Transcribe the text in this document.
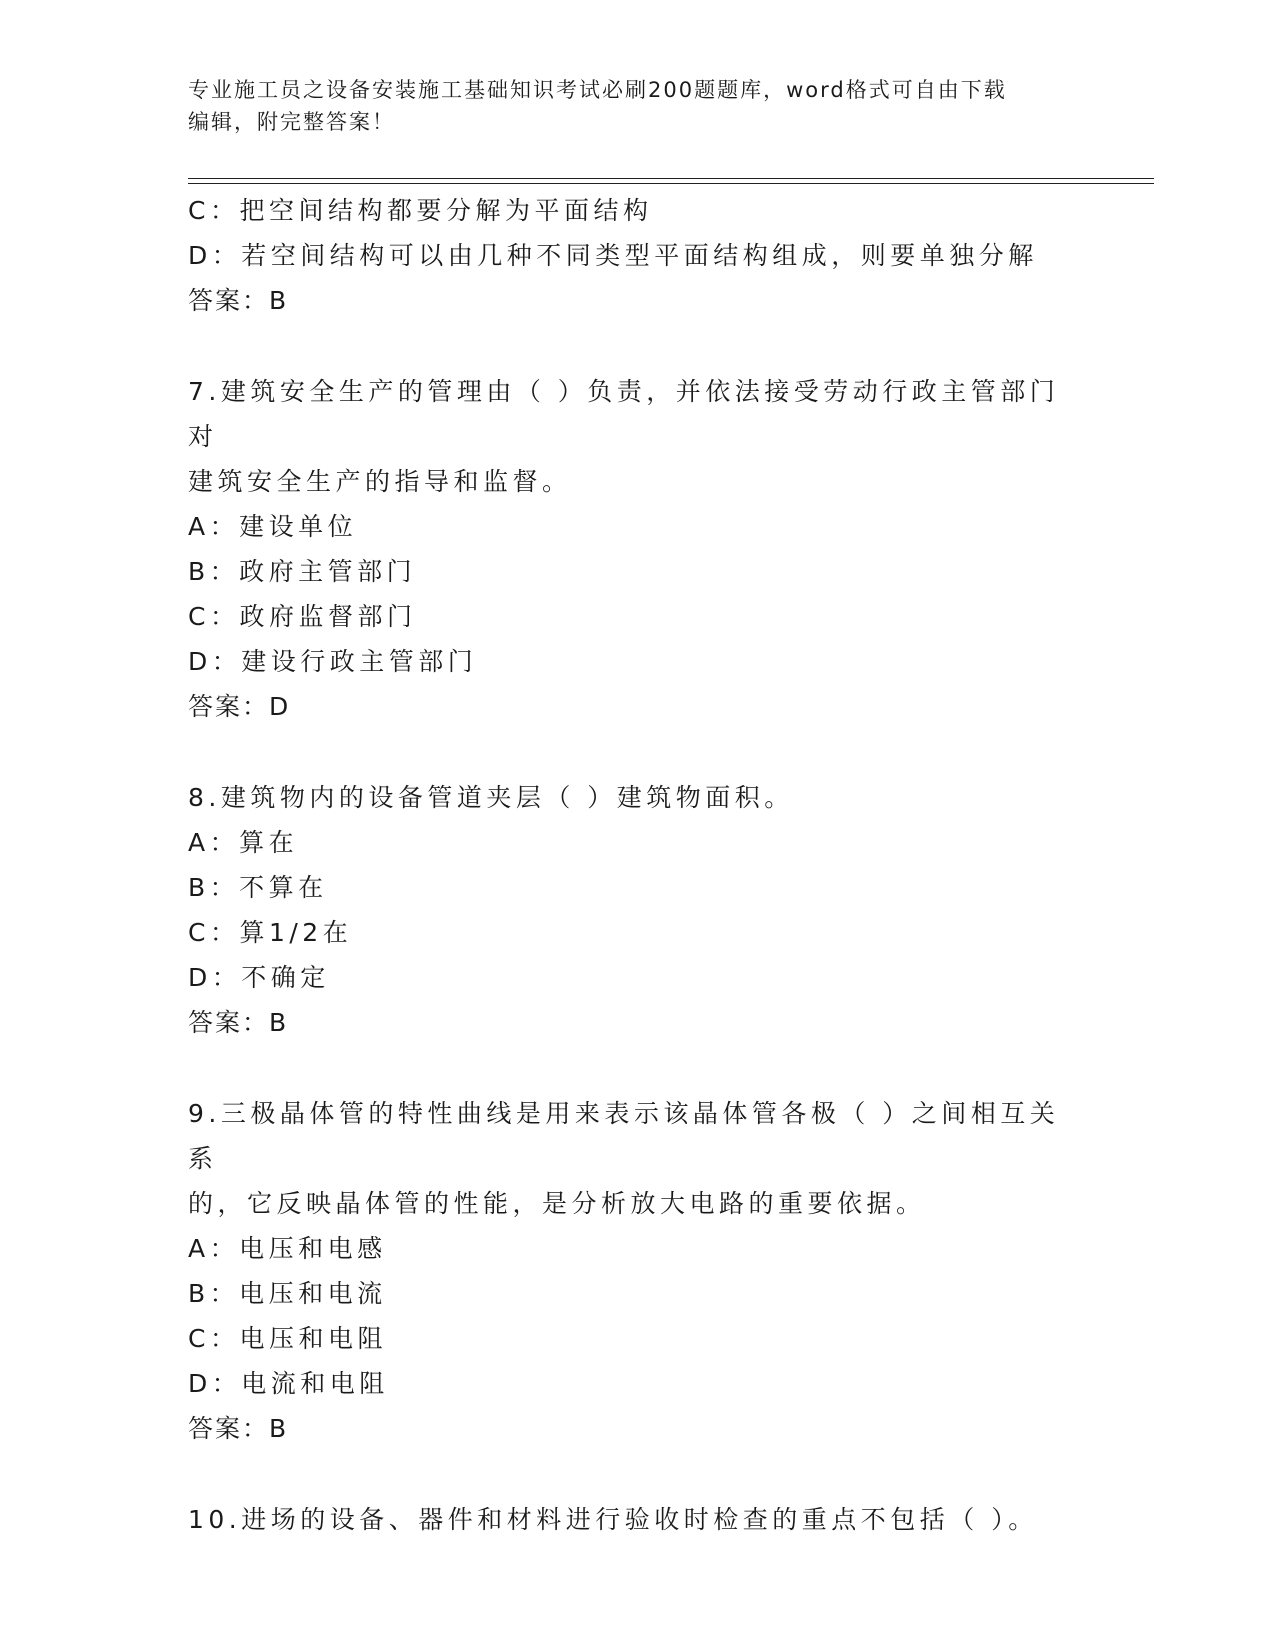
专业施工员之设备安装施工基础知识考试必刷200题题库，word格式可自由下载
编辑，附完整答案！
C：把空间结构都要分解为平面结构
D：若空间结构可以由几种不同类型平面结构组成，则要单独分解
答案：B
7.建筑安全生产的管理由（ ）负责，并依法接受劳动行政主管部门对
建筑安全生产的指导和监督。
A：建设单位
B：政府主管部门
C：政府监督部门
D：建设行政主管部门
答案：D
8.建筑物内的设备管道夹层（ ）建筑物面积。
A：算在
B：不算在
C：算1/2在
D：不确定
答案：B
9.三极晶体管的特性曲线是用来表示该晶体管各极（ ）之间相互关系
的，它反映晶体管的性能，是分析放大电路的重要依据。
A：电压和电感
B：电压和电流
C：电压和电阻
D：电流和电阻
答案：B
10.进场的设备、器件和材料进行验收时检查的重点不包括（ ）。
